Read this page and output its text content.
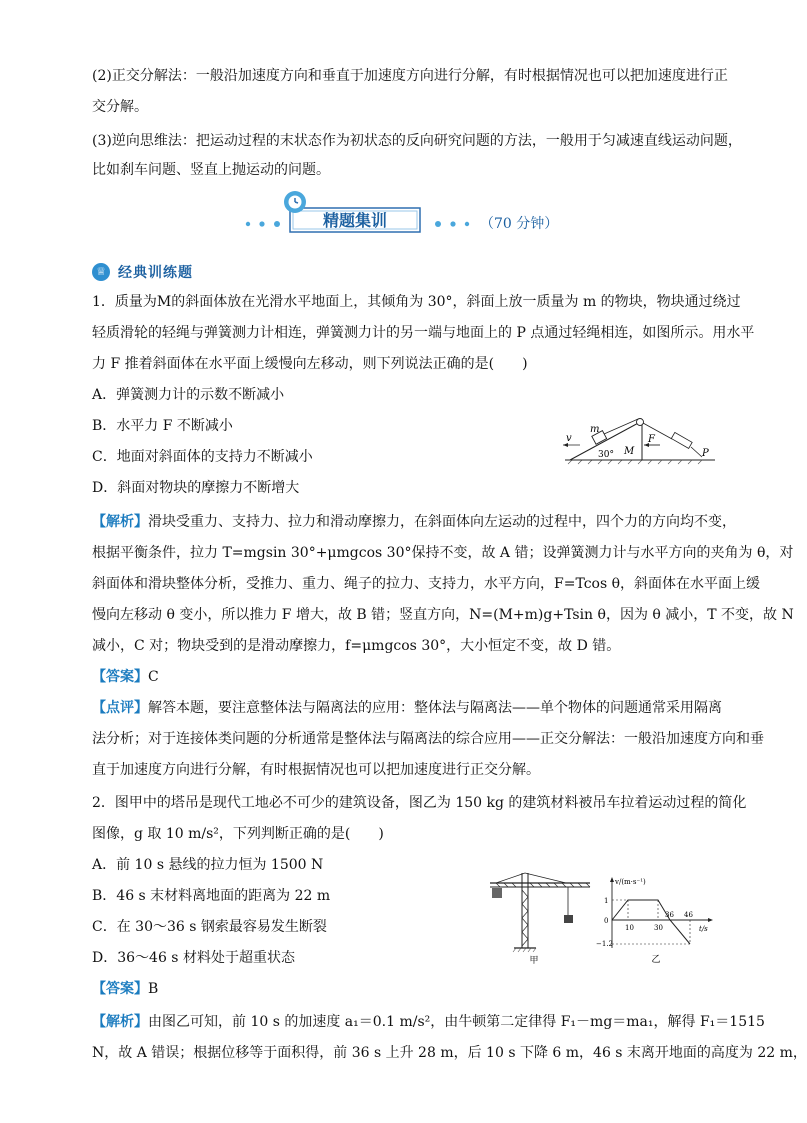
(2)正交分解法：一般沿加速度方向和垂直于加速度方向进行分解，有时根据情况也可以把加速度进行正
交分解。
(3)逆向思维法：把运动过程的末状态作为初状态的反向研究问题的方法，一般用于匀减速直线运动问题，
比如刹车问题、竖直上抛运动的问题。
精题集训	（70 分钟）
♕ 经典训练题
1．质量为M的斜面体放在光滑水平地面上，其倾角为 30°，斜面上放一质量为 m 的物块，物块通过绕过
轻质滑轮的轻绳与弹簧测力计相连，弹簧测力计的另一端与地面上的 P 点通过轻绳相连，如图所示。用水平
力 F 推着斜面体在水平面上缓慢向左移动，则下列说法正确的是(　　)
A．弹簧测力计的示数不断减小
B．水平力 F 不断减小
C．地面对斜面体的支持力不断减小
D．斜面对物块的摩擦力不断增大
v
m
30° M
F
P
【解析】滑块受重力、支持力、拉力和滑动摩擦力，在斜面体向左运动的过程中，四个力的方向均不变，
根据平衡条件，拉力 T=mgsin 30°+μmgcos 30°保持不变，故 A 错；设弹簧测力计与水平方向的夹角为 θ，对
斜面体和滑块整体分析，受推力、重力、绳子的拉力、支持力，水平方向，F=Tcos θ，斜面体在水平面上缓
慢向左移动 θ 变小，所以推力 F 增大，故 B 错；竖直方向，N=(M+m)g+Tsin θ，因为 θ 减小，T 不变，故 N
减小，C 对；物块受到的是滑动摩擦力，f=μmgcos 30°，大小恒定不变，故 D 错。
【答案】C
【点评】解答本题，要注意整体法与隔离法的应用：整体法与隔离法——单个物体的问题通常采用隔离
法分析；对于连接体类问题的分析通常是整体法与隔离法的综合应用——正交分解法：一般沿加速度方向和垂
直于加速度方向进行分解，有时根据情况也可以把加速度进行正交分解。
2．图甲中的塔吊是现代工地必不可少的建筑设备，图乙为 150 kg 的建筑材料被吊车拉着运动过程的简化
图像，g 取 10 m/s²，下列判断正确的是(　　)
A．前 10 s 悬线的拉力恒为 1500 N
B．46 s 末材料离地面的距离为 22 m
C．在 30～36 s 钢索最容易发生断裂
D．36～46 s 材料处于超重状态	甲
v/(m·s⁻¹)
t/s
1
0
−1.2
10	30
36 46
乙
【答案】B
【解析】由图乙可知，前 10 s 的加速度 a₁＝0.1 m/s²，由牛顿第二定律得 F₁－mg＝ma₁，解得 F₁＝1515
N，故 A 错误；根据位移等于面积得，前 36 s 上升 28 m，后 10 s 下降 6 m，46 s 末离开地面的高度为 22 m，
